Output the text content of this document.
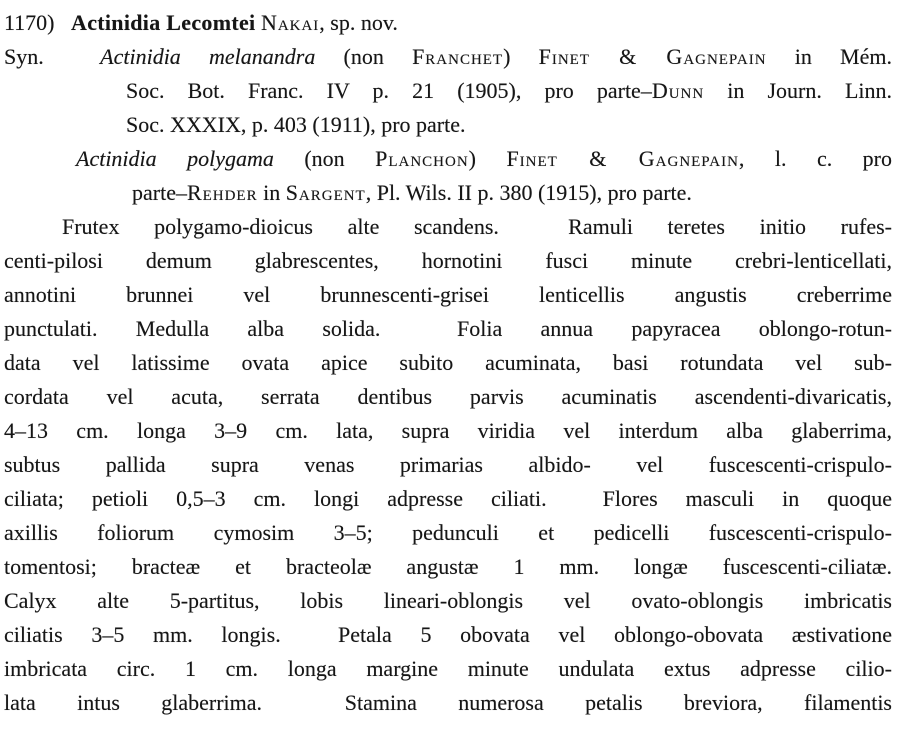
1170) Actinidia Lecomtei Nakai, sp. nov.
Syn.  Actinidia melanandra (non Franchet) Finet & Gagnepain in Mém.
Soc. Bot. Franc. IV p. 21 (1905), pro parte–Dunn in Journ. Linn.
Soc. XXXIX, p. 403 (1911), pro parte.
Actinidia polygama (non Planchon) Finet & Gagnepain, l. c. pro
parte–Rehder in Sargent, Pl. Wils. II p. 380 (1915), pro parte.
Frutex polygamo-dioicus alte scandens.  Ramuli teretes initio rufes-
centi-pilosi demum glabrescentes, hornotini fusci minute crebri-lenticellati,
annotini brunnei vel brunnescenti-grisei lenticellis angustis creberrime
punctulati. Medulla alba solida.  Folia annua papyracea oblongo-rotun-
data vel latissime ovata apice subito acuminata, basi rotundata vel sub-
cordata vel acuta, serrata dentibus parvis acuminatis ascendenti-divaricatis,
4–13 cm. longa 3–9 cm. lata, supra viridia vel interdum alba glaberrima,
subtus pallida supra venas primarias albido- vel fuscescenti-crispulo-
ciliata; petioli 0,5–3 cm. longi adpresse ciliati.  Flores masculi in quoque
axillis foliorum cymosim 3–5; pedunculi et pedicelli fuscescenti-crispulo-
tomentosi; bracteæ et bracteolæ angustæ 1 mm. longæ fuscescenti-ciliatæ.
Calyx alte 5-partitus, lobis lineari-oblongis vel ovato-oblongis imbricatis
ciliatis 3–5 mm. longis.  Petala 5 obovata vel oblongo-obovata æstivatione
imbricata circ. 1 cm. longa margine minute undulata extus adpresse cilio-
lata intus glaberrima.  Stamina numerosa petalis breviora, filamentis
